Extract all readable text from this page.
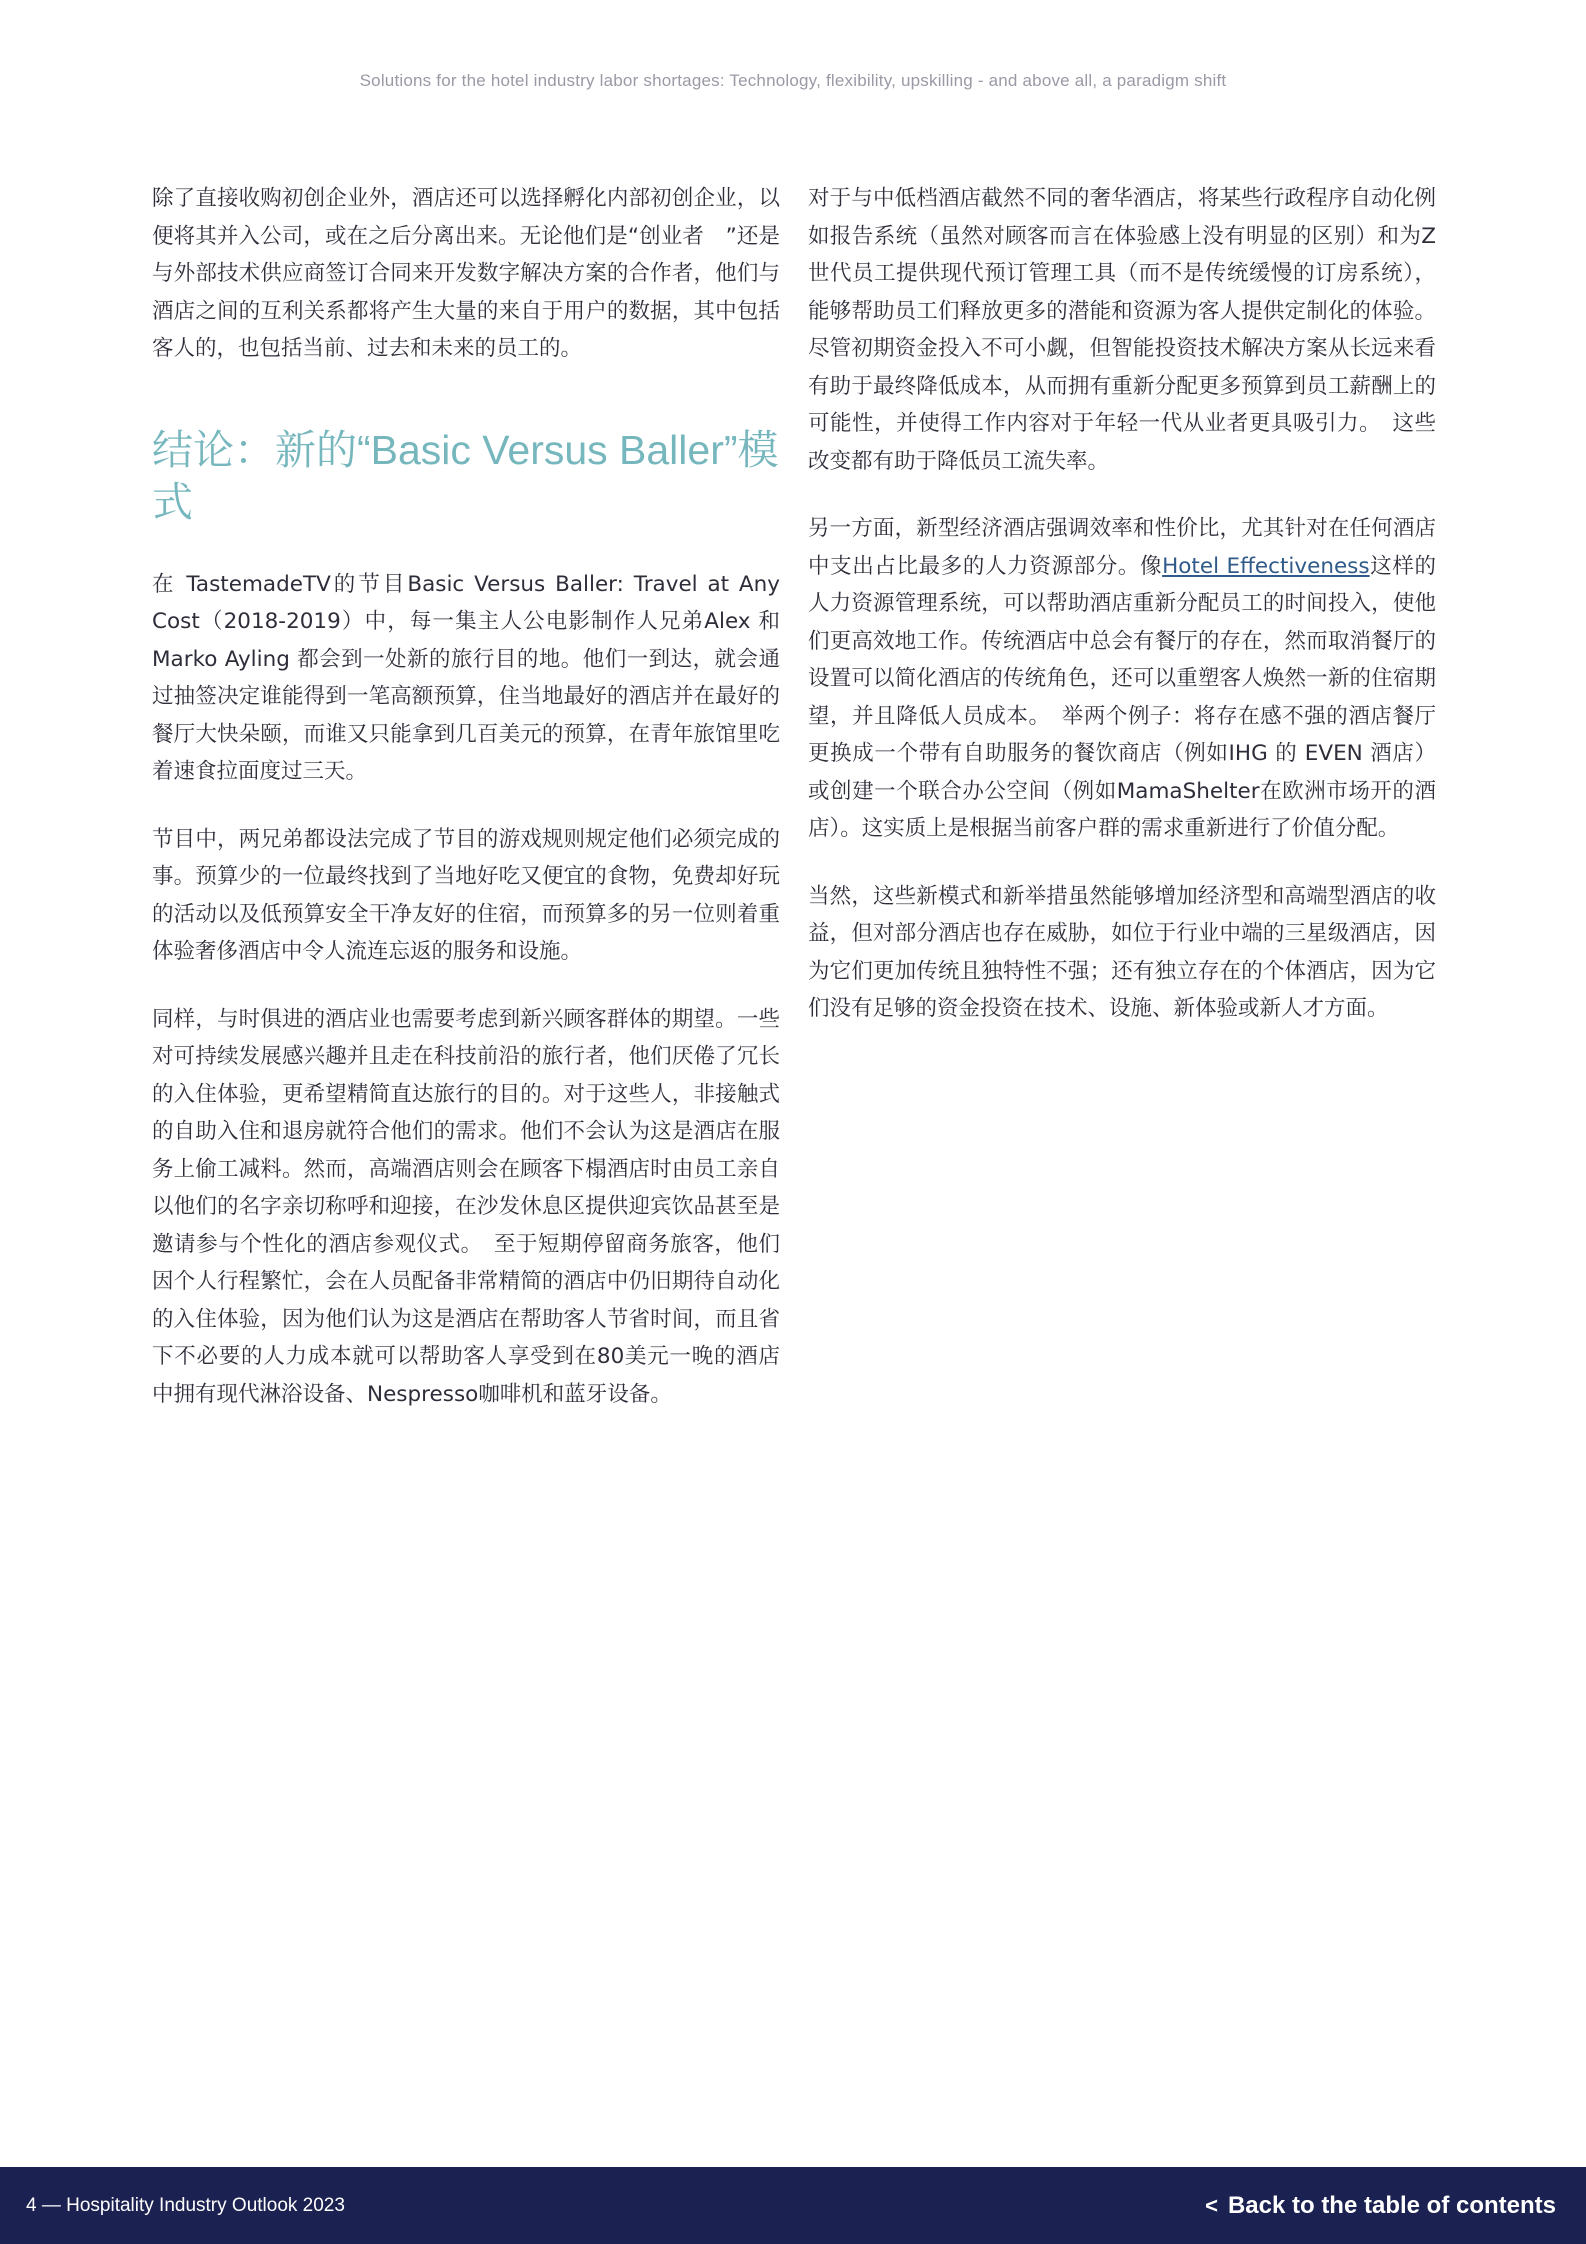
Solutions for the hotel industry labor shortages: Technology, flexibility, upskilling - and above all, a paradigm shift

除了直接收购初创企业外，酒店还可以选择孵化内部初创企业，以便将其并入公司，或在之后分离出来。无论他们是“创业者　”还是与外部技术供应商签订合同来开发数字解决方案的合作者，他们与酒店之间的互利关系都将产生大量的来自于用户的数据，其中包括客人的，也包括当前、过去和未来的员工的。

结论：新的“Basic Versus Baller”模式

在 TastemadeTV的节目Basic Versus Baller: Travel at Any Cost（2018-2019）中，每一集主人公电影制作人兄弟Alex 和 Marko Ayling 都会到一处新的旅行目的地。他们一到达，就会通过抽签决定谁能得到一笔高额预算，住当地最好的酒店并在最好的餐厅大快朵颐，而谁又只能拿到几百美元的预算，在青年旅馆里吃着速食拉面度过三天。

节目中，两兄弟都设法完成了节目的游戏规则规定他们必须完成的事。预算少的一位最终找到了当地好吃又便宜的食物，免费却好玩的活动以及低预算安全干净友好的住宿，而预算多的另一位则着重体验奢侈酒店中令人流连忘返的服务和设施。

同样，与时俱进的酒店业也需要考虑到新兴顾客群体的期望。一些对可持续发展感兴趣并且走在科技前沿的旅行者，他们厌倦了冗长的入住体验，更希望精简直达旅行的目的。对于这些人，非接触式的自助入住和退房就符合他们的需求。他们不会认为这是酒店在服务上偷工减料。然而，高端酒店则会在顾客下榻酒店时由员工亲自以他们的名字亲切称呼和迎接，在沙发休息区提供迎宾饮品甚至是邀请参与个性化的酒店参观仪式。　至于短期停留商务旅客，他们因个人行程繁忙，会在人员配备非常精简的酒店中仍旧期待自动化的入住体验，因为他们认为这是酒店在帮助客人节省时间，而且省下不必要的人力成本就可以帮助客人享受到在80美元一晚的酒店中拥有现代淋浴设备、Nespresso咖啡机和蓝牙设备。

对于与中低档酒店截然不同的奢华酒店，将某些行政程序自动化例如报告系统（虽然对顾客而言在体验感上没有明显的区别）和为Z世代员工提供现代预订管理工具（而不是传统缓慢的订房系统），能够帮助员工们释放更多的潜能和资源为客人提供定制化的体验。尽管初期资金投入不可小觑，但智能投资技术解决方案从长远来看有助于最终降低成本，从而拥有重新分配更多预算到员工薪酬上的可能性，并使得工作内容对于年轻一代从业者更具吸引力。　这些改变都有助于降低员工流失率。

另一方面，新型经济酒店强调效率和性价比，尤其针对在任何酒店中支出占比最多的人力资源部分。像Hotel Effectiveness这样的人力资源管理系统，可以帮助酒店重新分配员工的时间投入，使他们更高效地工作。传统酒店中总会有餐厅的存在，然而取消餐厅的设置可以简化酒店的传统角色，还可以重塑客人焕然一新的住宿期望，并且降低人员成本。　举两个例子：将存在感不强的酒店餐厅更换成一个带有自助服务的餐饮商店（例如IHG 的 EVEN 酒店）或创建一个联合办公空间（例如MamaShelter在欧洲市场开的酒店）。这实质上是根据当前客户群的需求重新进行了价值分配。

当然，这些新模式和新举措虽然能够增加经济型和高端型酒店的收益，但对部分酒店也存在威胁，如位于行业中端的三星级酒店，因为它们更加传统且独特性不强；还有独立存在的个体酒店，因为它们没有足够的资金投资在技术、设施、新体验或新人才方面。

4 — Hospitality Industry Outlook 2023	< Back to the table of contents
